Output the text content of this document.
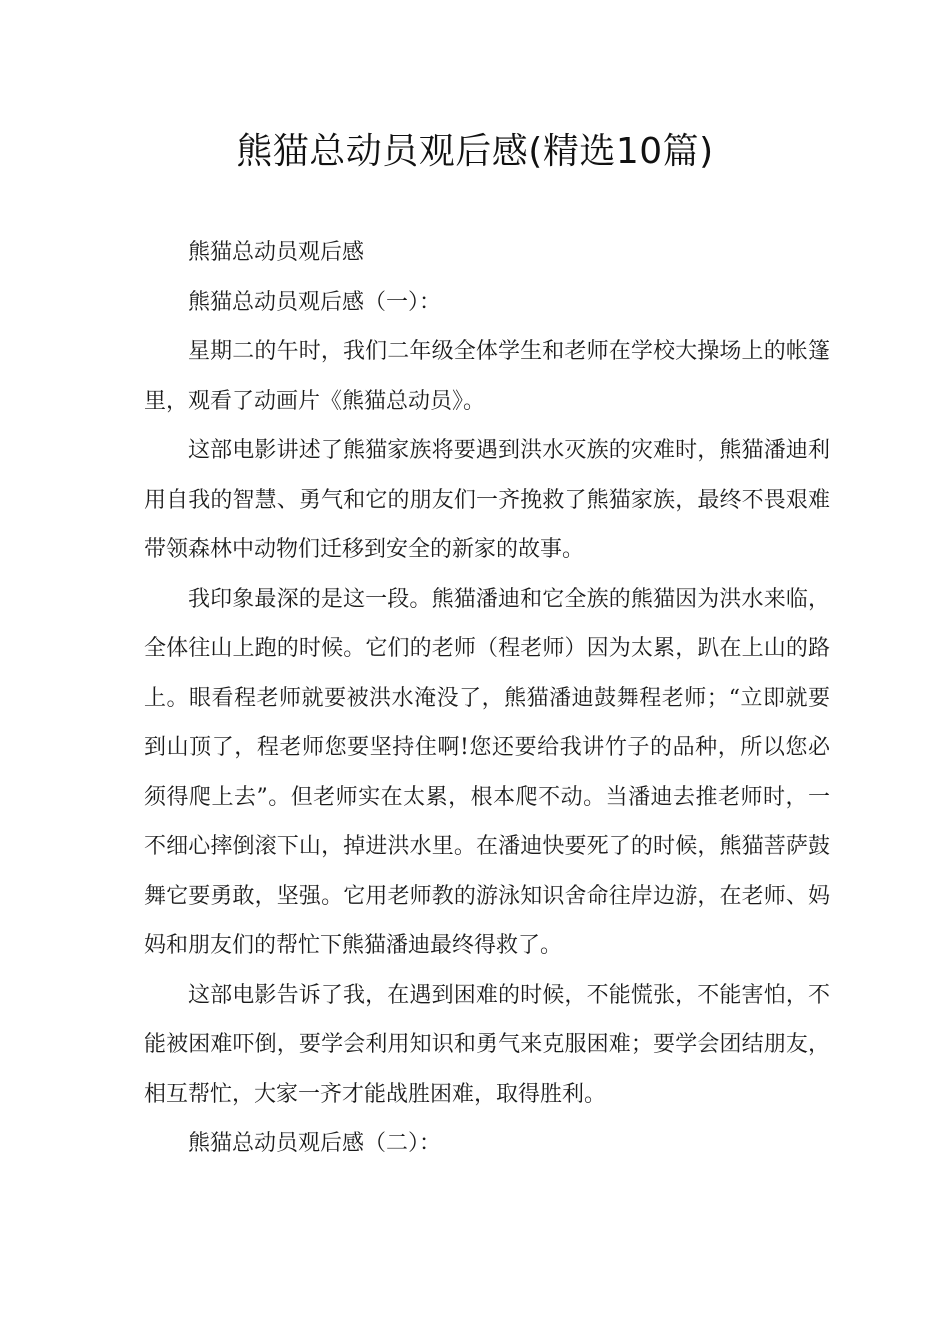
熊猫总动员观后感(精选10篇)

熊猫总动员观后感

熊猫总动员观后感（一）：

星期二的午时，我们二年级全体学生和老师在学校大操场上的帐篷里，观看了动画片《熊猫总动员》。

这部电影讲述了熊猫家族将要遇到洪水灭族的灾难时，熊猫潘迪利用自我的智慧、勇气和它的朋友们一齐挽救了熊猫家族，最终不畏艰难带领森林中动物们迁移到安全的新家的故事。

我印象最深的是这一段。熊猫潘迪和它全族的熊猫因为洪水来临，全体往山上跑的时候。它们的老师（程老师）因为太累，趴在上山的路上。眼看程老师就要被洪水淹没了，熊猫潘迪鼓舞程老师；“立即就要到山顶了，程老师您要坚持住啊!您还要给我讲竹子的品种，所以您必须得爬上去”。但老师实在太累，根本爬不动。当潘迪去推老师时，一不细心摔倒滚下山，掉进洪水里。在潘迪快要死了的时候，熊猫菩萨鼓舞它要勇敢，坚强。它用老师教的游泳知识舍命往岸边游，在老师、妈妈和朋友们的帮忙下熊猫潘迪最终得救了。

这部电影告诉了我，在遇到困难的时候，不能慌张，不能害怕，不能被困难吓倒，要学会利用知识和勇气来克服困难；要学会团结朋友，相互帮忙，大家一齐才能战胜困难，取得胜利。

熊猫总动员观后感（二）：
